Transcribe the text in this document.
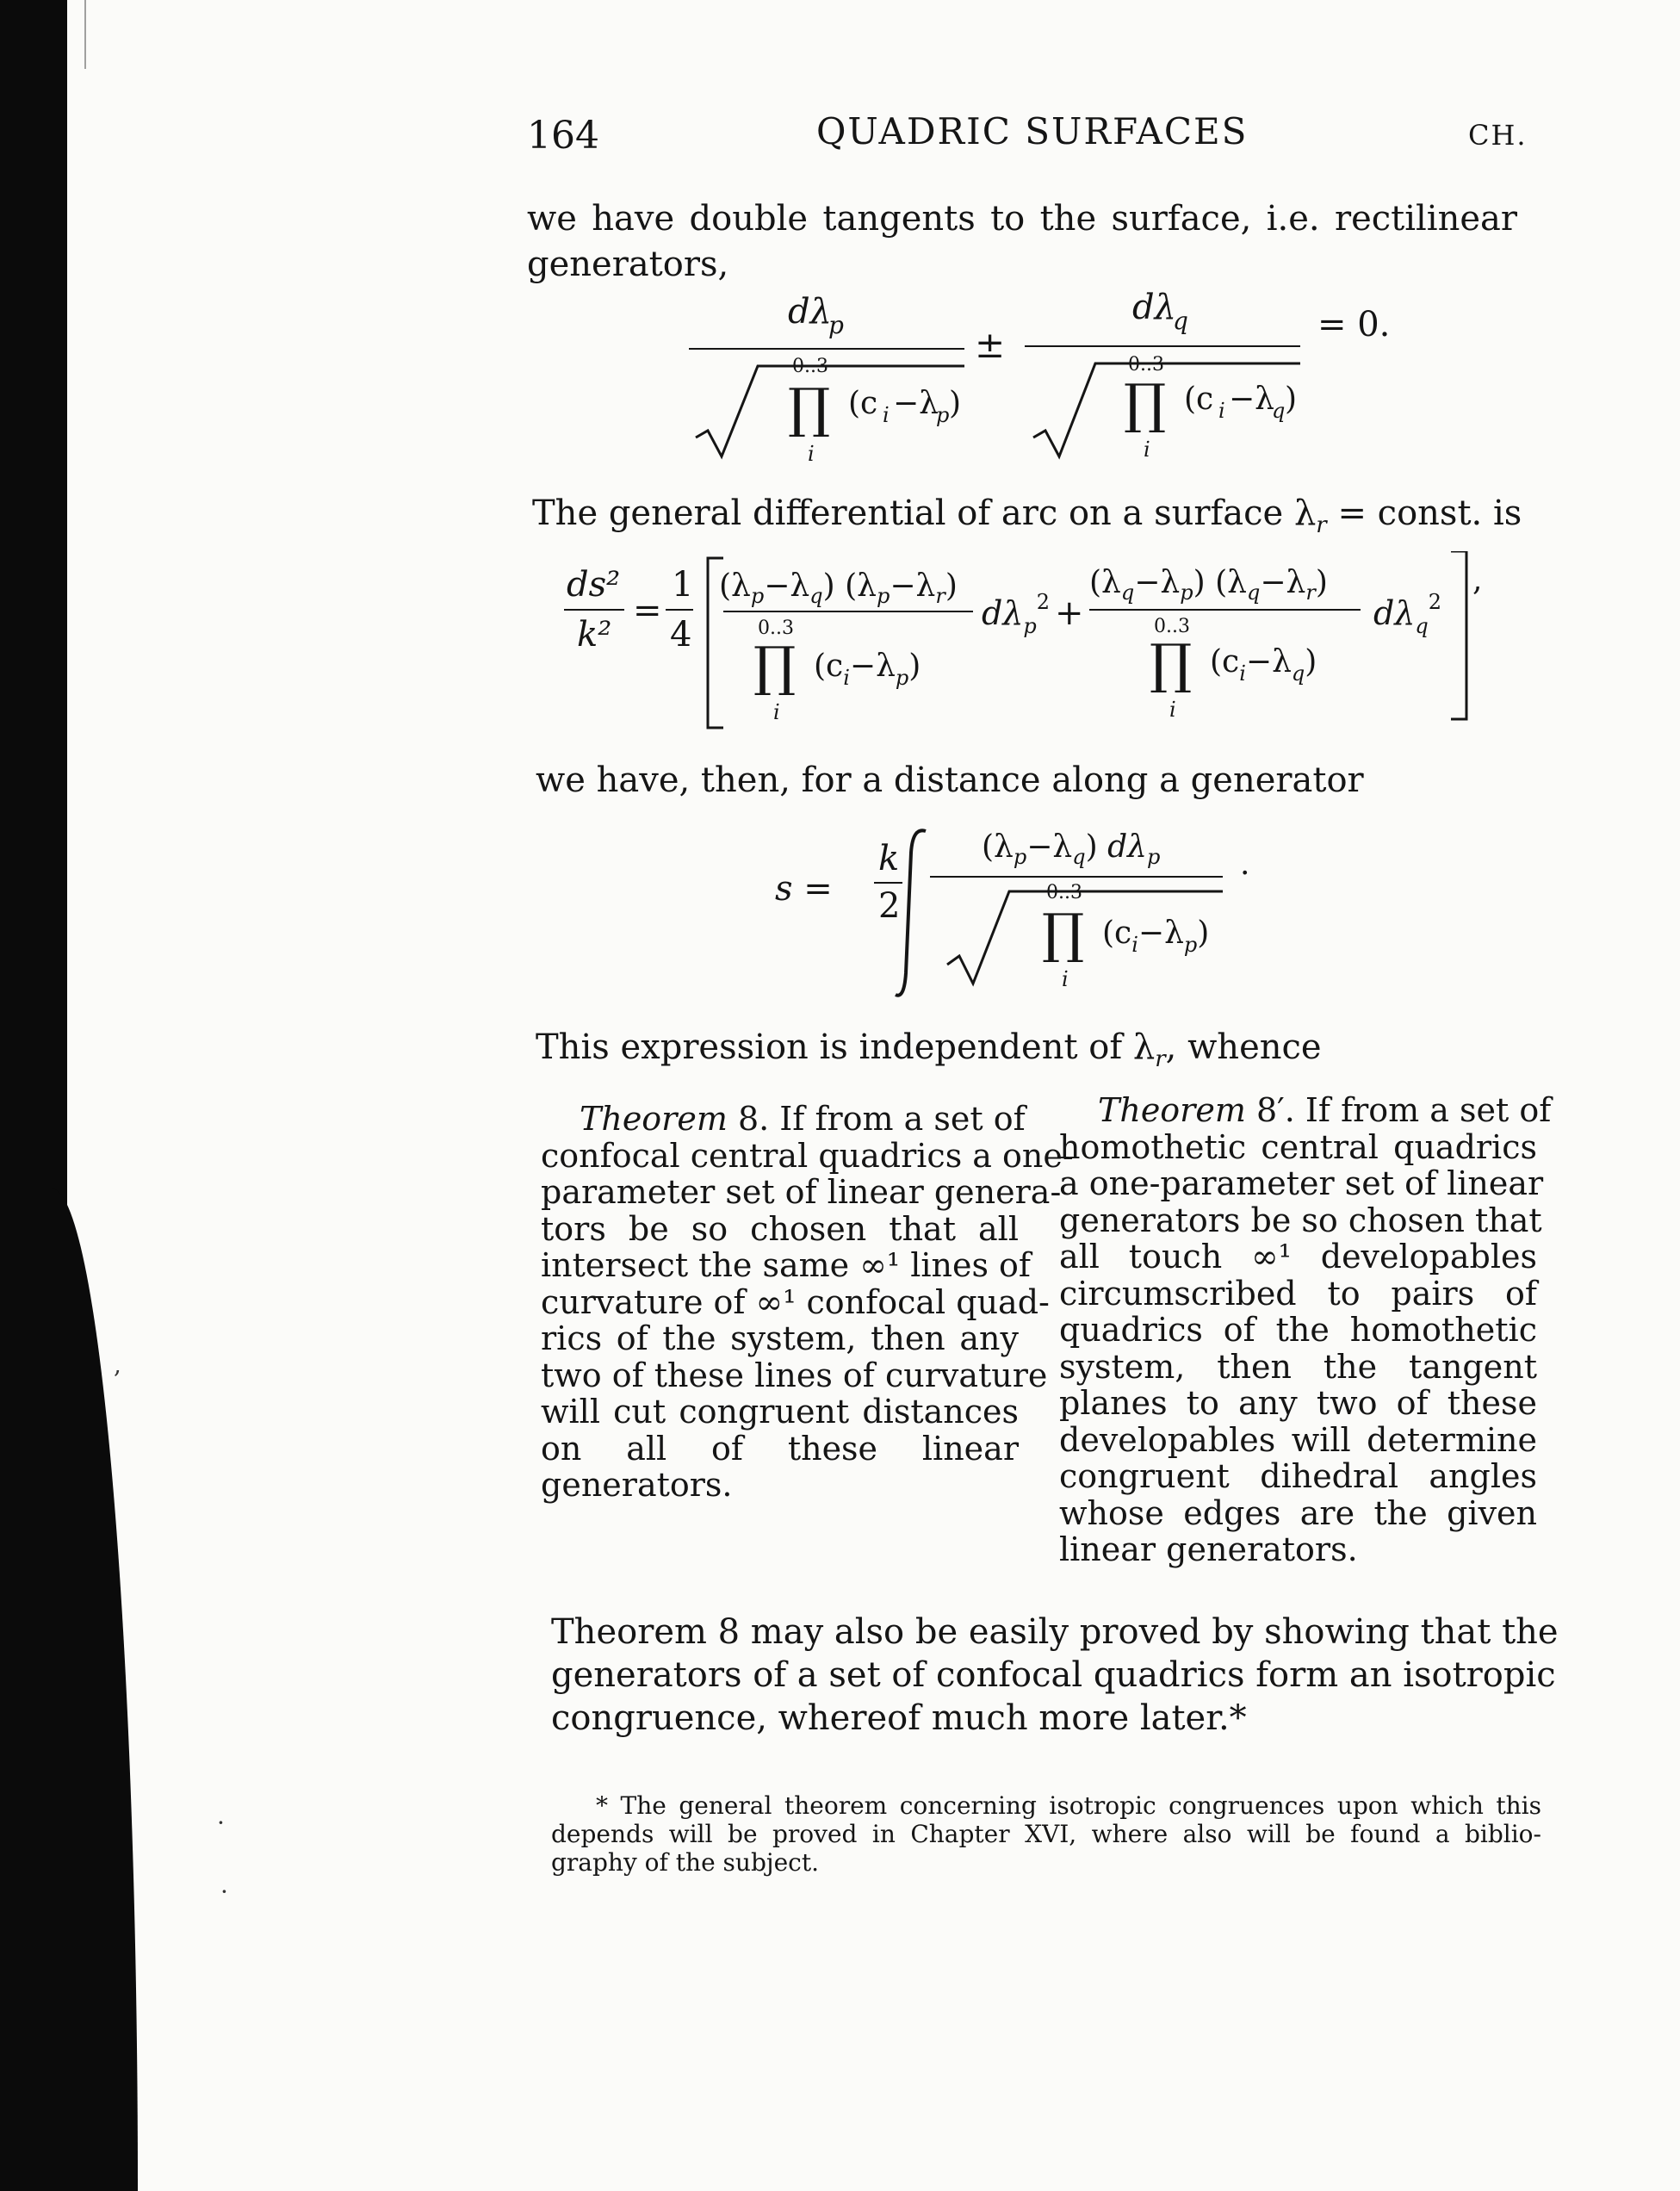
,
·
·
164	QUADRIC SURFACES	CH.
we have double tangents to the surface, i.e. rectilinear
generators,
dλ
p
0..3
∏
i
(c i −λ
p )
±
dλ
q
0..3
∏
i
(c i −λ
q )
= 0.
The general differential of arc on a surface $\lambda_r$ = const. is
ds²
k²
=
1
4
$(\lambda_p-\lambda_q)$ $(\lambda_p-\lambda_r)$
0..3
∏
i
$(c_i-\lambda_p)$
$d\lambda_p^2$ +
$(\lambda_q-\lambda_p)$ $(\lambda_q-\lambda_r)$
0..3
∏
i
$(c_i-\lambda_q)$
$d\lambda_q^2$
,
we have, then, for a distance along a generator
s =
k
2
$(\lambda_p-\lambda_q)$ $d\lambda_p$
0..3
∏
i
$(c_i-\lambda_p)$
.
This expression is independent of $\lambda_r$, whence
Theorem 8. If from a set of
confocal central quadrics a one-
parameter set of linear genera-
tors be so chosen that all
intersect the same ∞¹ lines of
curvature of ∞¹ confocal quad-
rics of the system, then any
two of these lines of curvature
will cut congruent distances
on all of these linear
generators.
Theorem 8′. If from a set of
homothetic central quadrics
a one-parameter set of linear
generators be so chosen that
all touch ∞¹ developables
circumscribed to pairs of
quadrics of the homothetic
system, then the tangent
planes to any two of these
developables will determine
congruent dihedral angles
whose edges are the given
linear generators.
Theorem 8 may also be easily proved by showing that the
generators of a set of confocal quadrics form an isotropic
congruence, whereof much more later.*
* The general theorem concerning isotropic congruences upon which this
depends will be proved in Chapter XVI, where also will be found a biblio-
graphy of the subject.
